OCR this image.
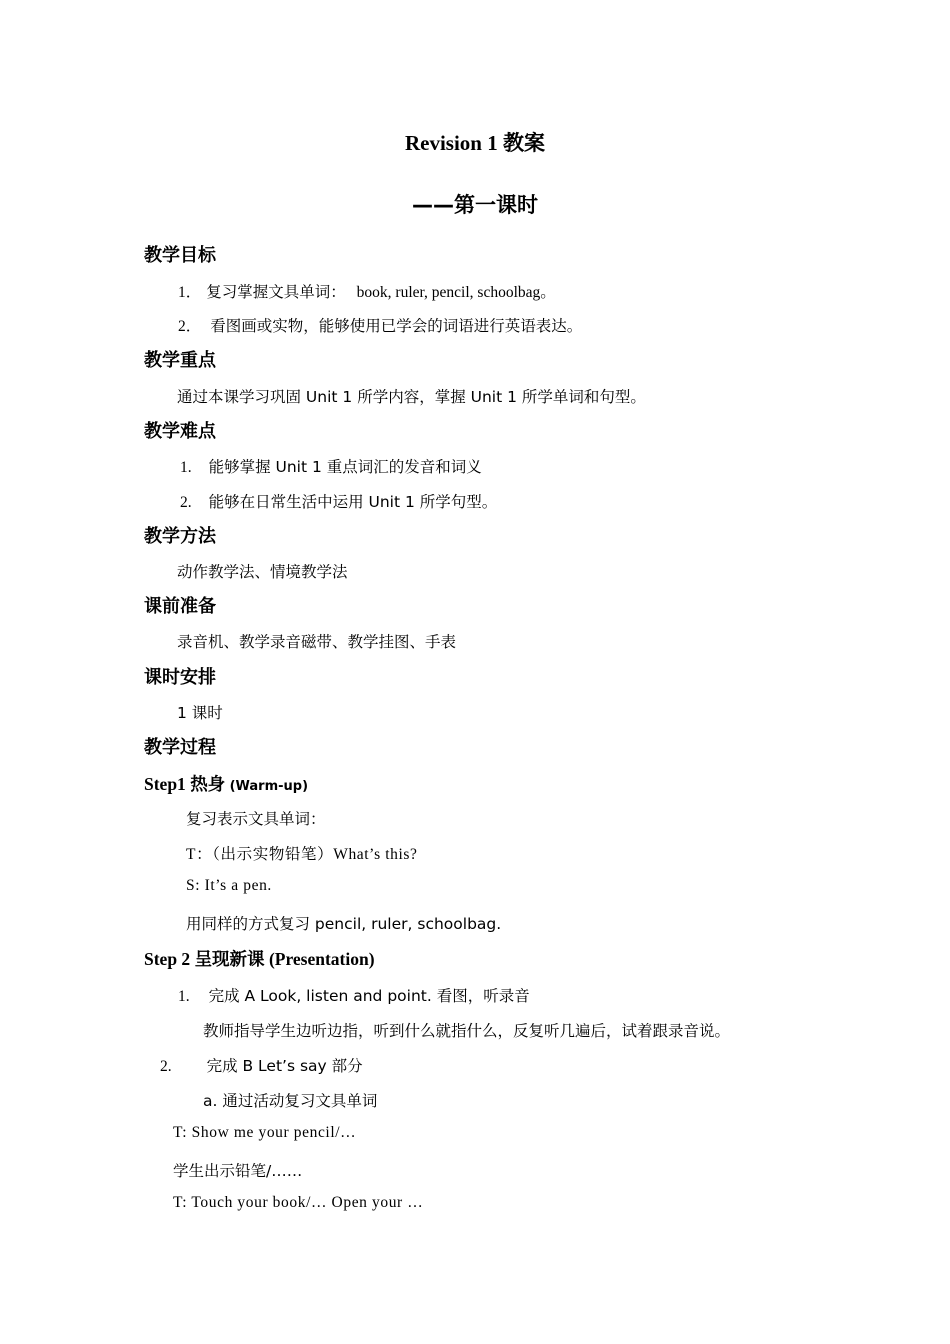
Revision 1 教案
——第一课时
教学目标
1． 复习掌握文具单词： book, ruler, pencil, schoolbag。
2． 看图画或实物，能够使用已学会的词语进行英语表达。
教学重点
通过本课学习巩固 Unit 1 所学内容，掌握 Unit 1 所学单词和句型。
教学难点
1. 能够掌握 Unit 1 重点词汇的发音和词义
2. 能够在日常生活中运用 Unit 1 所学句型。
教学方法
动作教学法、情境教学法
课前准备
录音机、教学录音磁带、教学挂图、手表
课时安排
1 课时
教学过程
Step1 热身 (Warm-up)
复习表示文具单词：
T：（出示实物铅笔）What’s this?
S: It’s a pen.
用同样的方式复习 pencil, ruler, schoolbag.
Step 2 呈现新课 (Presentation)
1. 完成 A Look, listen and point. 看图，听录音
教师指导学生边听边指，听到什么就指什么，反复听几遍后，试着跟录音说。
2. 完成 B Let’s say 部分
a. 通过活动复习文具单词
T: Show me your pencil/…
学生出示铅笔/……
T: Touch your book/… Open your …
